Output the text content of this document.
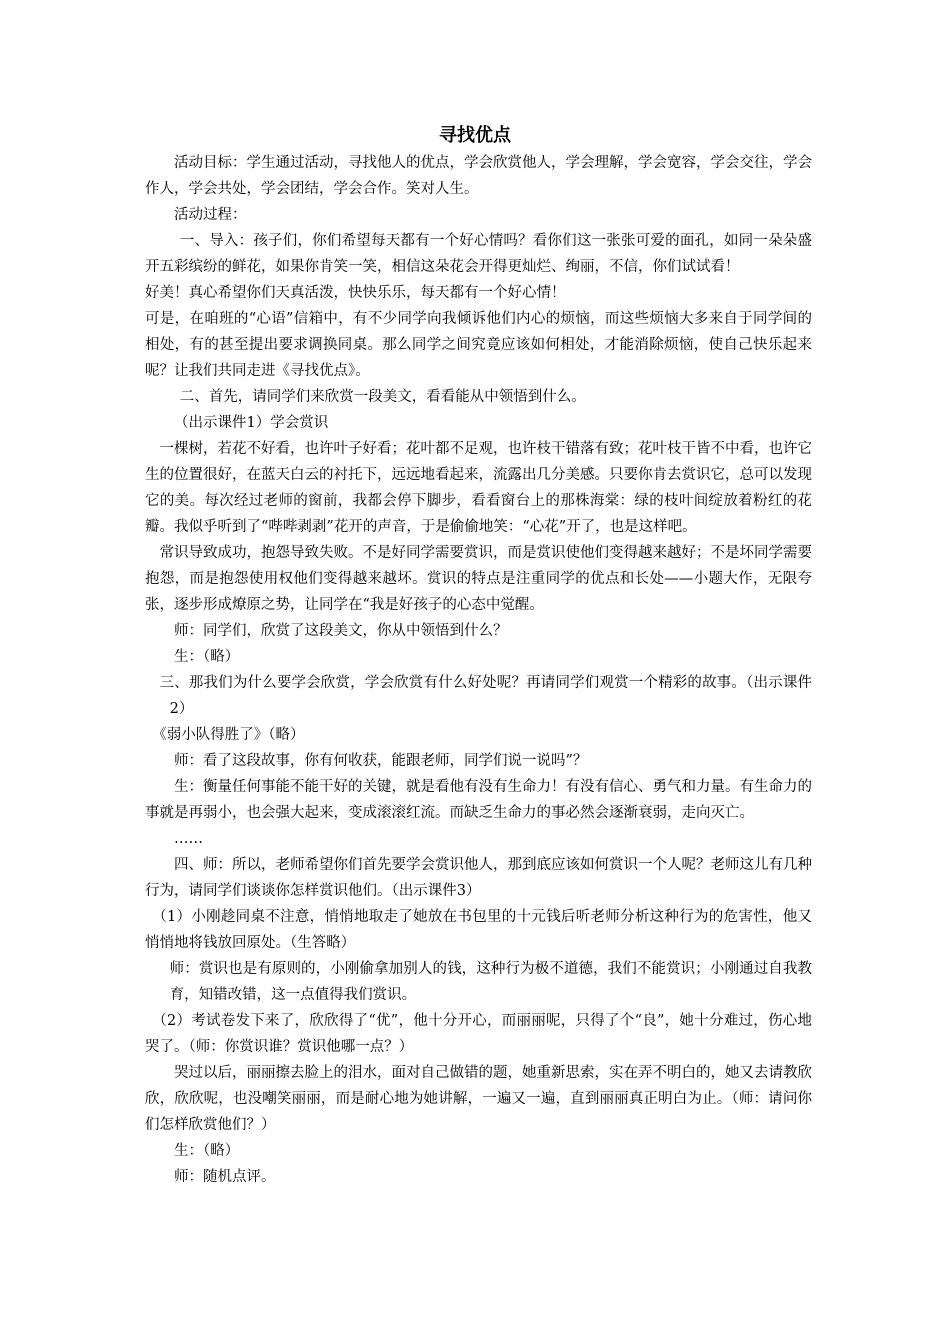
寻找优点

活动目标：学生通过活动，寻找他人的优点，学会欣赏他人，学会理解，学会宽容，学会交往，学会作人，学会共处，学会团结，学会合作。笑对人生。

活动过程：

一、导入：孩子们，你们希望每天都有一个好心情吗？看你们这一张张可爱的面孔，如同一朵朵盛开五彩缤纷的鲜花，如果你肯笑一笑，相信这朵花会开得更灿烂、绚丽，不信，你们试试看！

好美！真心希望你们天真活泼，快快乐乐，每天都有一个好心情！

可是，在咱班的“心语”信箱中，有不少同学向我倾诉他们内心的烦恼，而这些烦恼大多来自于同学间的相处，有的甚至提出要求调换同桌。那么同学之间究竟应该如何相处，才能消除烦恼，使自己快乐起来呢？让我们共同走进《寻找优点》。

二、首先，请同学们来欣赏一段美文，看看能从中领悟到什么。

（出示课件1）学会赏识

一棵树，若花不好看，也许叶子好看；花叶都不足观，也许枝干错落有致；花叶枝干皆不中看，也许它生的位置很好，在蓝天白云的衬托下，远远地看起来，流露出几分美感。只要你肯去赏识它，总可以发现它的美。每次经过老师的窗前，我都会停下脚步，看看窗台上的那株海棠：绿的枝叶间绽放着粉红的花瓣。我似乎听到了“哔哔剥剥”花开的声音，于是偷偷地笑：“心花”开了，也是这样吧。

常识导致成功，抱怨导致失败。不是好同学需要赏识，而是赏识使他们变得越来越好；不是坏同学需要抱怨，而是抱怨使用权他们变得越来越坏。赏识的特点是注重同学的优点和长处——小题大作，无限夸张，逐步形成燎原之势，让同学在“我是好孩子的心态中觉醒。

师：同学们，欣赏了这段美文，你从中领悟到什么？

生：（略）

三、那我们为什么要学会欣赏，学会欣赏有什么好处呢？再请同学们观赏一个精彩的故事。（出示课件2）

《弱小队得胜了》（略）

师：看了这段故事，你有何收获，能跟老师，同学们说一说吗”？

生：衡量任何事能不能干好的关键，就是看他有没有生命力！有没有信心、勇气和力量。有生命力的事就是再弱小，也会强大起来，变成滚滚红流。而缺乏生命力的事必然会逐渐衰弱，走向灭亡。

……

四、师：所以，老师希望你们首先要学会赏识他人，那到底应该如何赏识一个人呢？老师这儿有几种行为，请同学们谈谈你怎样赏识他们。（出示课件3）

（1）小刚趁同桌不注意，悄悄地取走了她放在书包里的十元钱后听老师分析这种行为的危害性，他又悄悄地将钱放回原处。（生答略）

师：赏识也是有原则的，小刚偷拿加别人的钱，这种行为极不道德，我们不能赏识；小刚通过自我教育，知错改错，这一点值得我们赏识。

（2）考试卷发下来了，欣欣得了“优”，他十分开心，而丽丽呢，只得了个“良”，她十分难过，伤心地哭了。（师：你赏识谁？赏识他哪一点？）

哭过以后，丽丽擦去脸上的泪水，面对自己做错的题，她重新思索，实在弄不明白的，她又去请教欣欣，欣欣呢，也没嘲笑丽丽，而是耐心地为她讲解，一遍又一遍，直到丽丽真正明白为止。（师：请问你们怎样欣赏他们？）

生：（略）

师：随机点评。
